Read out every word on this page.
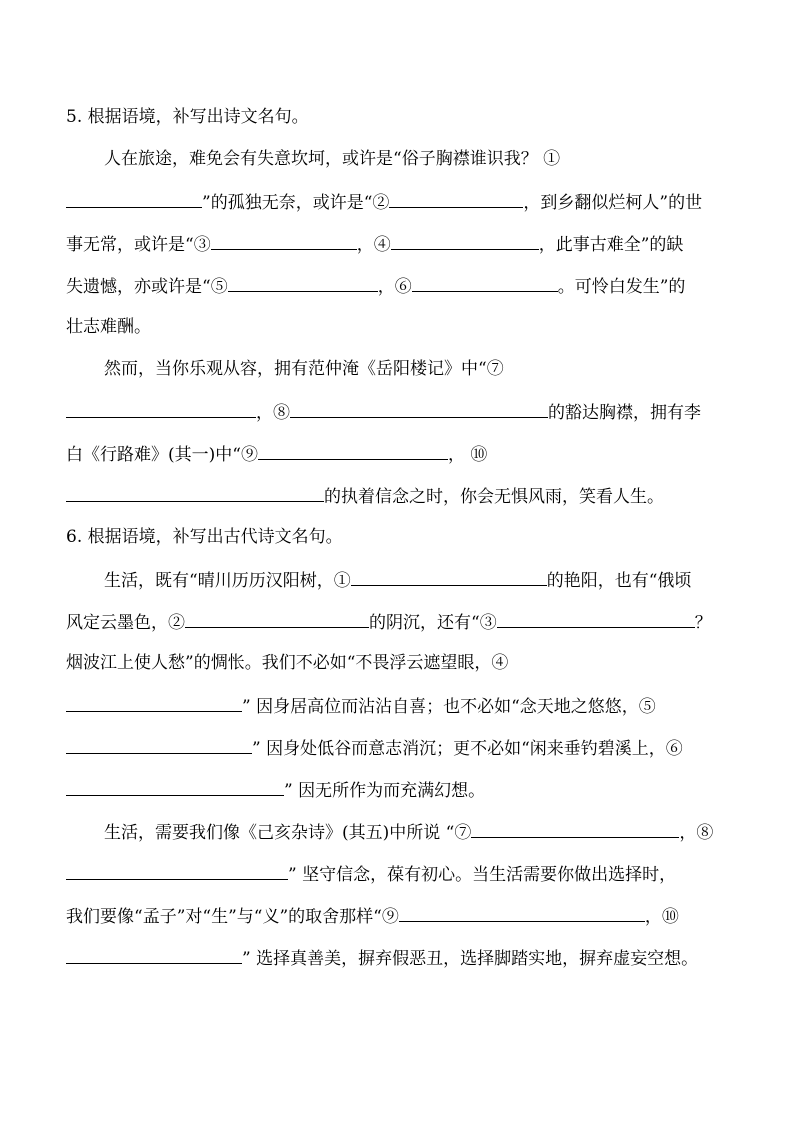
5. 根据语境，补写出诗文名句。
人在旅途，难免会有失意坎坷，或许是“俗子胸襟谁识我？ ①
”的孤独无奈，或许是“②	，到乡翻似烂柯人”的世
事无常，或许是“③	，④	，此事古难全”的缺
失遗憾，亦或许是“⑤	，⑥	。可怜白发生”的
壮志难酬。
然而，当你乐观从容，拥有范仲淹《岳阳楼记》中“⑦
，⑧	的豁达胸襟，拥有李
白《行路难》(其一)中“⑨	， ⑩
的执着信念之时，你会无惧风雨，笑看人生。
6. 根据语境，补写出古代诗文名句。
生活，既有“晴川历历汉阳树，①	的艳阳，也有“俄顷
风定云墨色，②	的阴沉，还有“③	？
烟波江上使人愁”的惆怅。我们不必如“不畏浮云遮望眼，④
” 因身居高位而沾沾自喜；也不必如“念天地之悠悠，⑤
” 因身处低谷而意志消沉；更不必如“闲来垂钓碧溪上，⑥
” 因无所作为而充满幻想。
生活，需要我们像《己亥杂诗》(其五)中所说 “⑦	，⑧
” 坚守信念，葆有初心。当生活需要你做出选择时，
我们要像“孟子”对“生”与“义”的取舍那样“⑨	，⑩
” 选择真善美，摒弃假恶丑，选择脚踏实地，摒弃虚妄空想。
